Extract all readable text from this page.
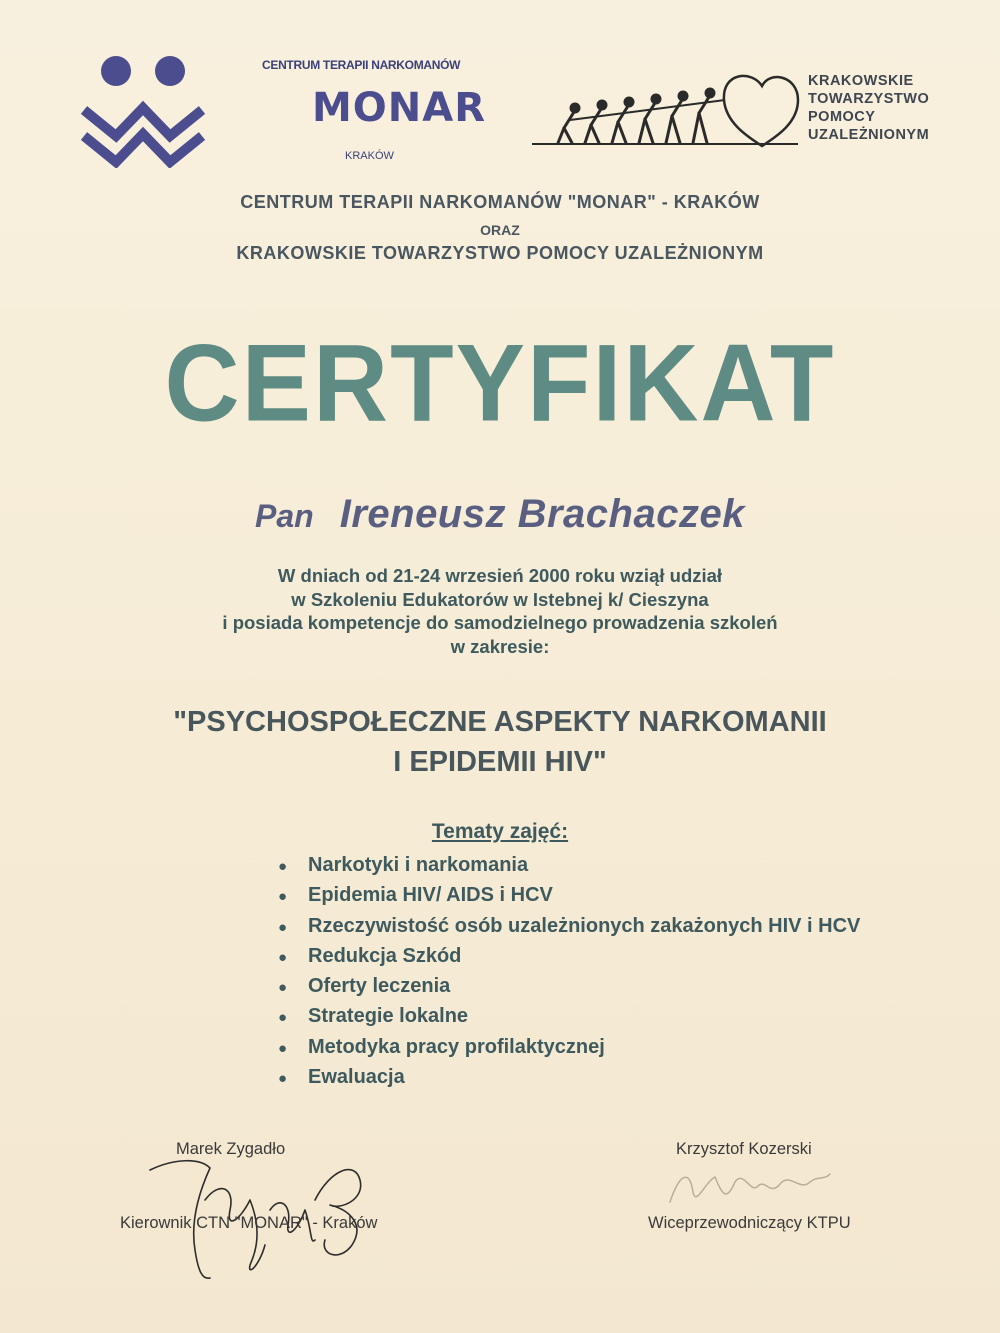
CENTRUM TERAPII NARKOMANÓW
MONAR
KRAKÓW
KRAKOWSKIE
TOWARZYSTWO
POMOCY
UZALEŻNIONYM
CENTRUM TERAPII NARKOMANÓW "MONAR" - KRAKÓW
ORAZ
KRAKOWSKIE TOWARZYSTWO POMOCY UZALEŻNIONYM
CERTYFIKAT
Pan Ireneusz Brachaczek
W dniach od 21-24 wrzesień 2000 roku wziął udział
w Szkoleniu Edukatorów w Istebnej k/ Cieszyna
i posiada kompetencje do samodzielnego prowadzenia szkoleń
w zakresie:
"PSYCHOSPOŁECZNE ASPEKTY NARKOMANII
I EPIDEMII HIV"
Tematy zajęć:
● Narkotyki i narkomania
● Epidemia HIV/ AIDS i HCV
● Rzeczywistość osób uzależnionych zakażonych HIV i HCV
● Redukcja Szkód
● Oferty leczenia
● Strategie lokalne
● Metodyka pracy profilaktycznej
● Ewaluacja
Marek Zygadło
Kierownik CTN "MONAR" - Kraków
Krzysztof Kozerski
Wiceprzewodniczący KTPU
